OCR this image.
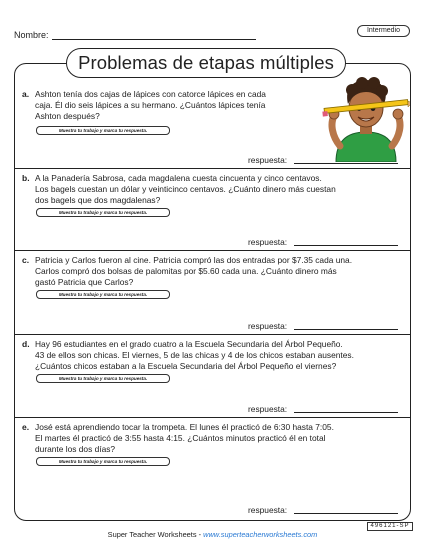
Nombre:	Intermedio
Problemas de etapas múltiples
a. Ashton tenía dos cajas de lápices con catorce lápices en cada
caja. Él dio seis lápices a su hermano. ¿Cuántos lápices tenía
Ashton después?
Muestra tu trabajo y marca tu respuesta.
respuesta:
b. A la Panadería Sabrosa, cada magdalena cuesta cincuenta y cinco centavos.
Los bagels cuestan un dólar y veinticinco centavos. ¿Cuánto dinero más cuestan
dos bagels que dos magdalenas?
Muestra tu trabajo y marca tu respuesta.
respuesta:
c. Patricia y Carlos fueron al cine. Patricia compró las dos entradas por $7.35 cada una.
Carlos compró dos bolsas de palomitas por $5.60 cada una. ¿Cuánto dinero más
gastó Patricia que Carlos?
Muestra tu trabajo y marca tu respuesta.
respuesta:
d. Hay 96 estudiantes en el grado cuatro a la Escuela Secundaria del Árbol Pequeño.
43 de ellos son chicas. El viernes, 5 de las chicas y 4 de los chicos estaban ausentes.
¿Cuántos chicos estaban a la Escuela Secundaria del Árbol Pequeño el viernes?
Muestra tu trabajo y marca tu respuesta.
respuesta:
e. José está aprendiendo tocar la trompeta. El lunes él practicó de 6:30 hasta 7:05.
El martes él practicó de 3:55 hasta 4:15. ¿Cuántos minutos practicó él en total
durante los dos días?
Muestra tu trabajo y marca tu respuesta.
respuesta:
Super Teacher Worksheets - www.superteacherworksheets.com
496121-SP
